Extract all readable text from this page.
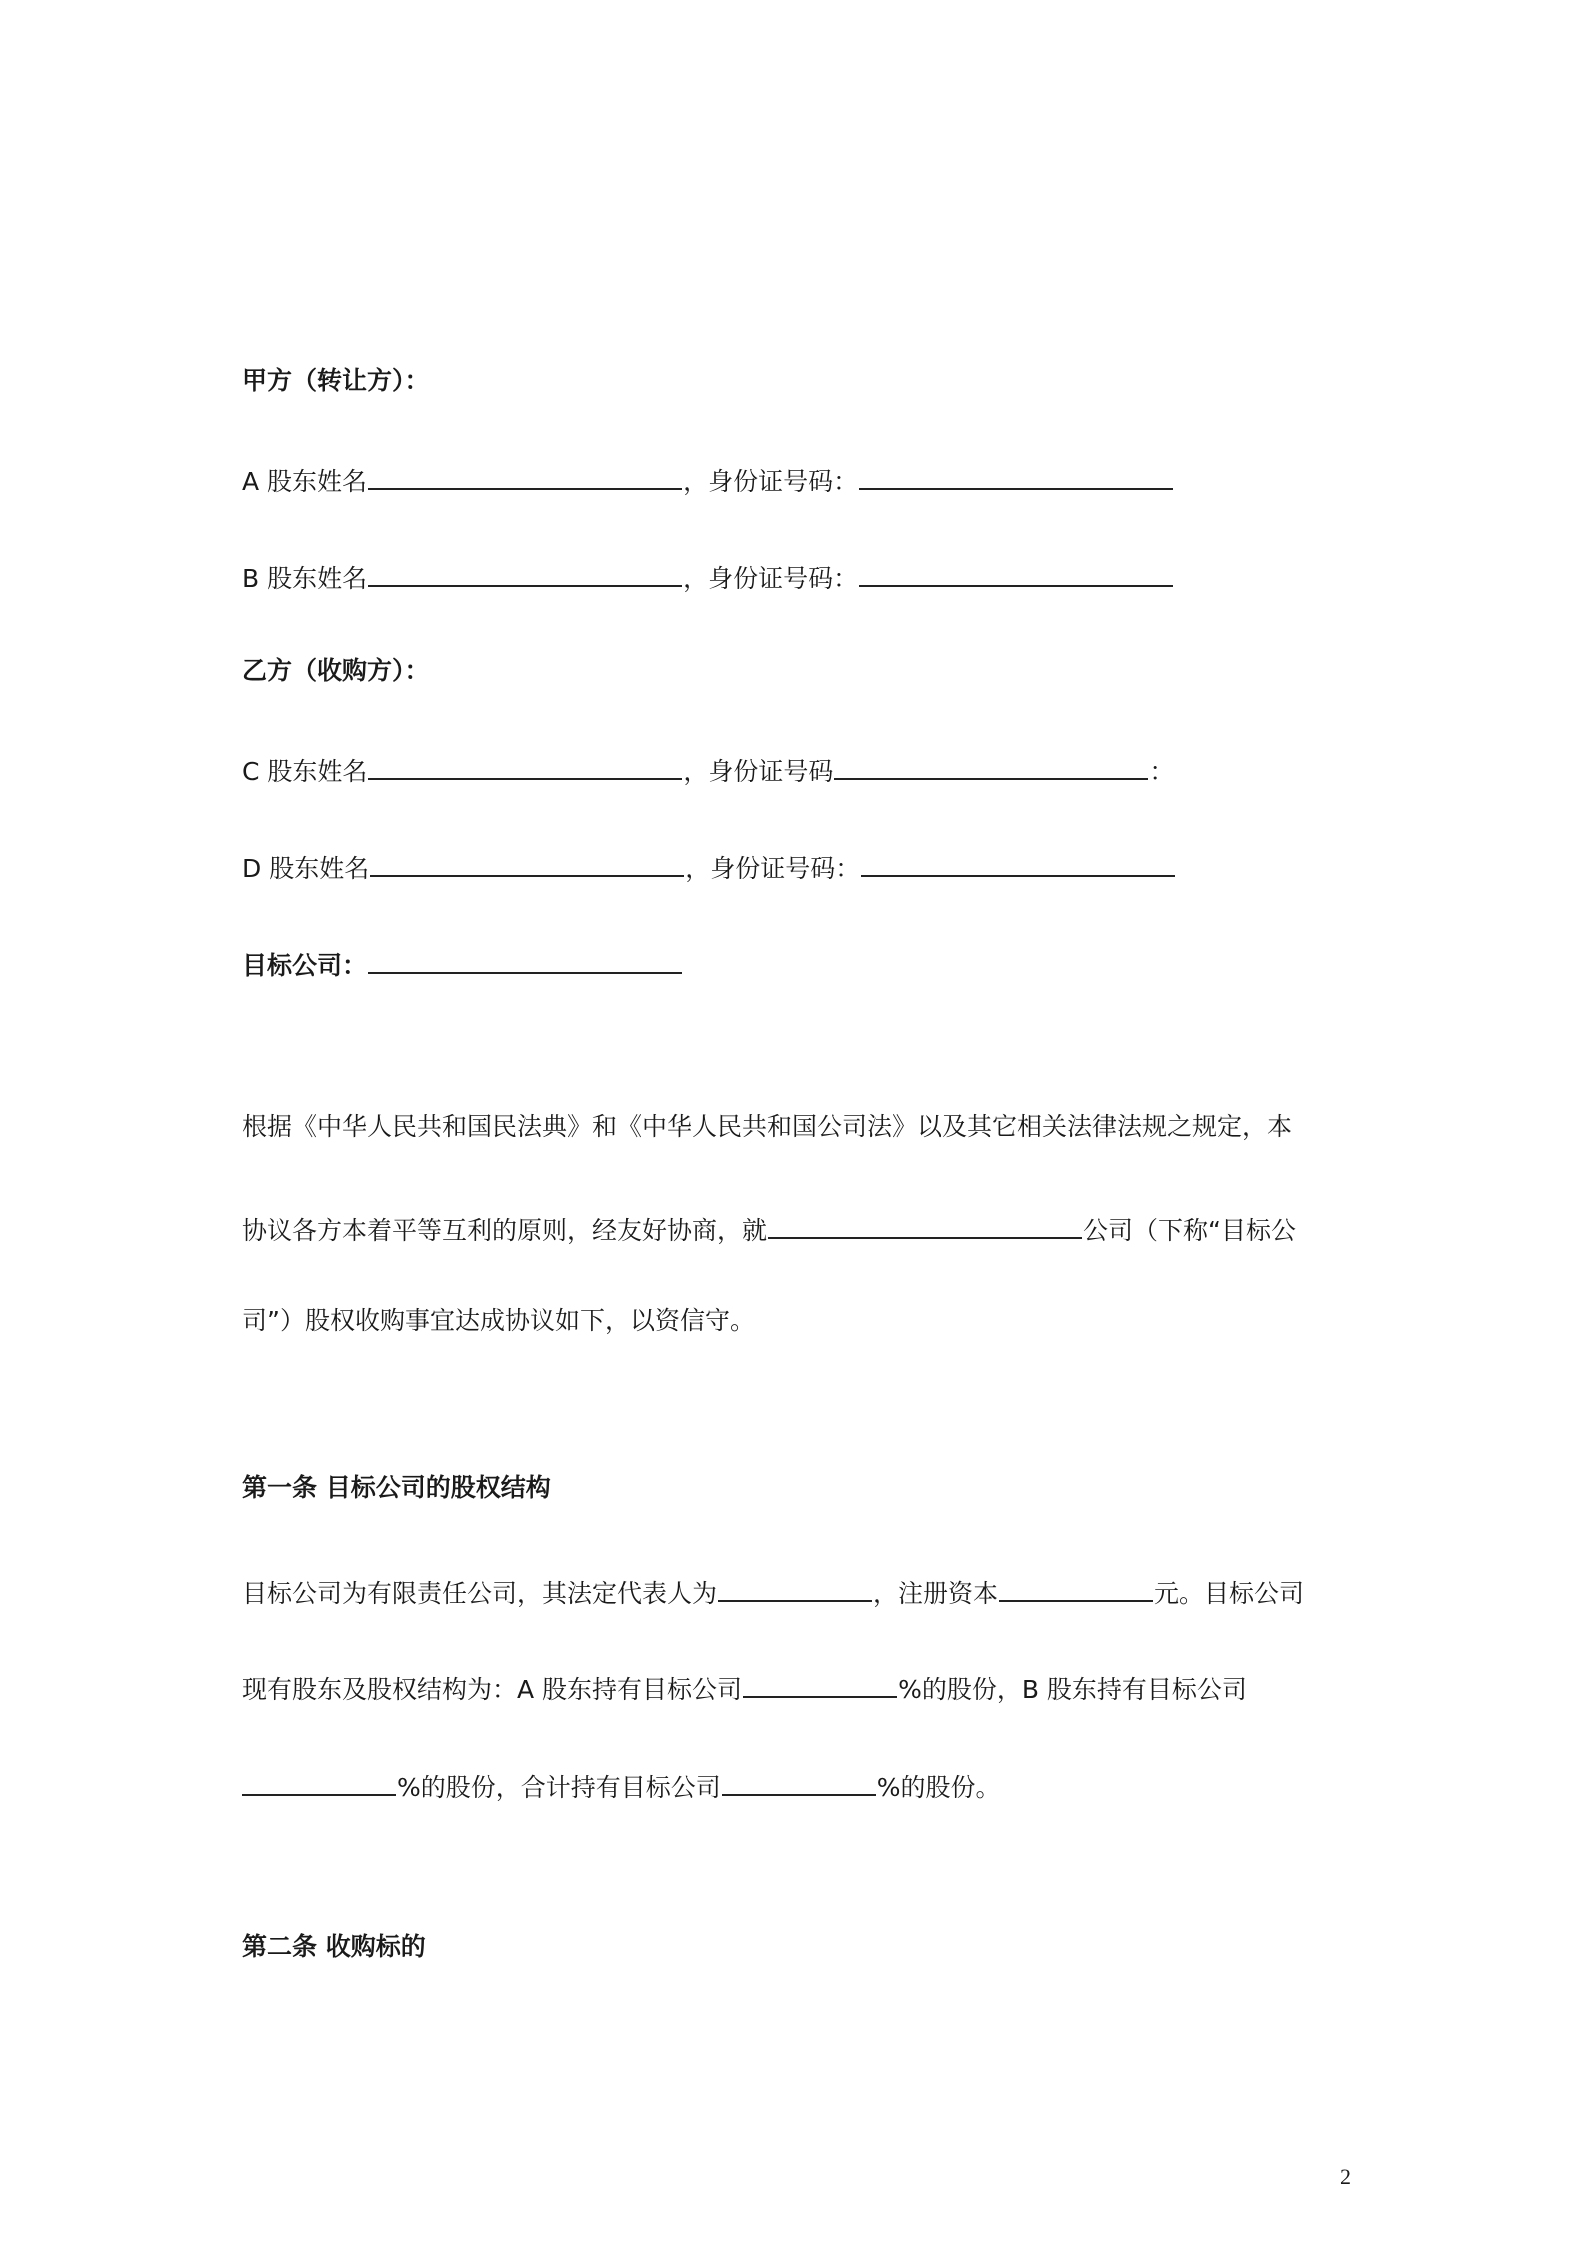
甲方（转让方）：
A 股东姓名	，身份证号码：
B 股东姓名	，身份证号码：
乙方（收购方）：
C 股东姓名	，身份证号码	：
D 股东姓名	，身份证号码：
目标公司：
根据《中华人民共和国民法典》和《中华人民共和国公司法》以及其它相关法律法规之规定，本
协议各方本着平等互利的原则，经友好协商，就	公司（下称“目标公
司”）股权收购事宜达成协议如下，以资信守。
第一条 目标公司的股权结构
目标公司为有限责任公司，其法定代表人为	，注册资本	元。目标公司
现有股东及股权结构为：A 股东持有目标公司	%的股份，B 股东持有目标公司
%的股份，合计持有目标公司	%的股份。
第二条 收购标的
2
